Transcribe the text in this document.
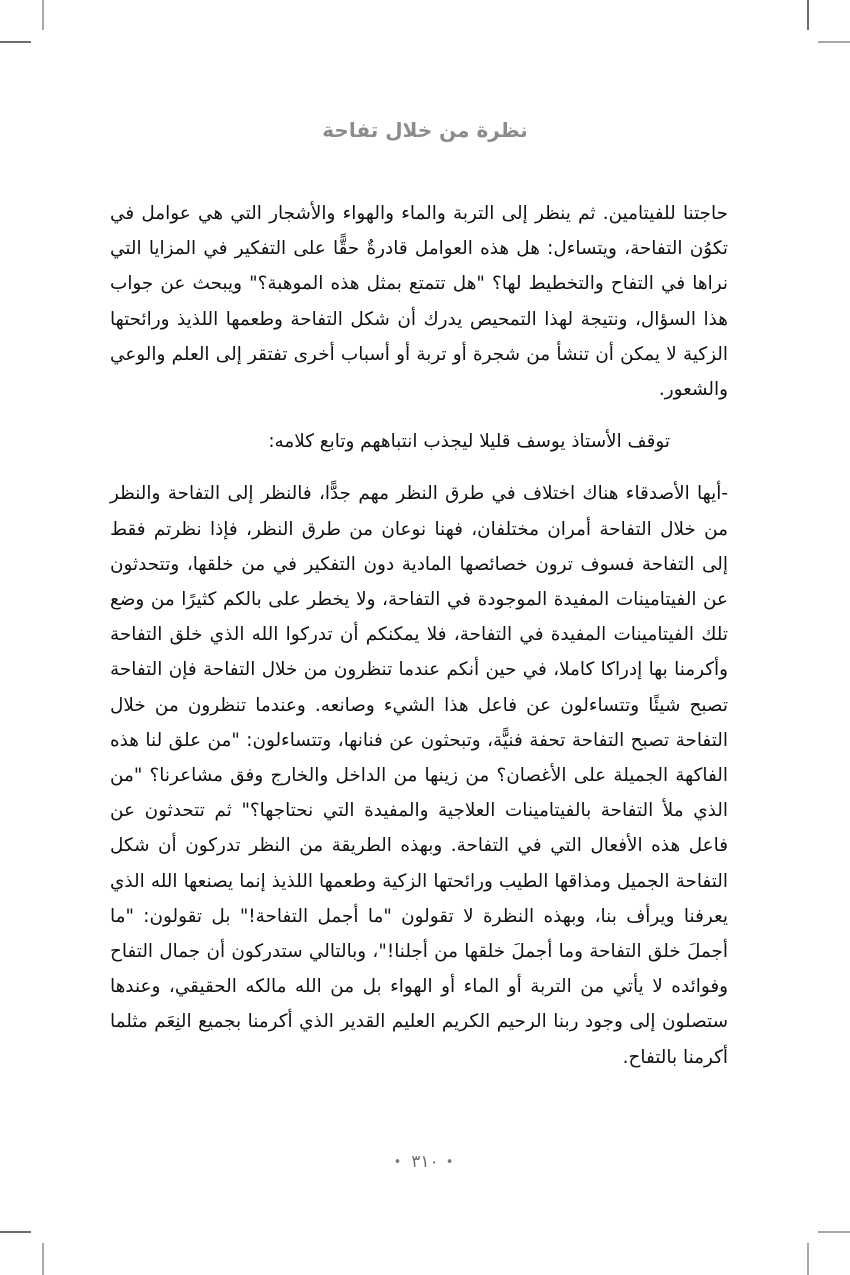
نظرة من خلال تفاحة

حاجتنا للفيتامين. ثم ينظر إلى التربة والماء والهواء والأشجار التي هي عوامل في تكوُن التفاحة، ويتساءل: هل هذه العوامل قادرةٌ حقًّا على التفكير في المزايا التي نراها في التفاح والتخطيط لها؟ "هل تتمتع بمثل هذه الموهبة؟" ويبحث عن جواب هذا السؤال، ونتيجة لهذا التمحيص يدرك أن شكل التفاحة وطعمها اللذيذ ورائحتها الزكية لا يمكن أن تنشأ من شجرة أو تربة أو أسباب أخرى تفتقر إلى العلم والوعي والشعور.

توقف الأستاذ يوسف قليلا ليجذب انتباههم وتابع كلامه:

-أيها الأصدقاء هناك اختلاف في طرق النظر مهم جدًّا، فالنظر إلى التفاحة والنظر من خلال التفاحة أمران مختلفان، فهنا نوعان من طرق النظر، فإذا نظرتم فقط إلى التفاحة فسوف ترون خصائصها المادية دون التفكير في من خلقها، وتتحدثون عن الفيتامينات المفيدة الموجودة في التفاحة، ولا يخطر على بالكم كثيرًا من وضع تلك الفيتامينات المفيدة في التفاحة، فلا يمكنكم أن تدركوا الله الذي خلق التفاحة وأكرمنا بها إدراكا كاملا، في حين أنكم عندما تنظرون من خلال التفاحة فإن التفاحة تصبح شيئًا وتتساءلون عن فاعل هذا الشيء وصانعه. وعندما تنظرون من خلال التفاحة تصبح التفاحة تحفة فنيًّة، وتبحثون عن فنانها، وتتساءلون: "من علق لنا هذه الفاكهة الجميلة على الأغصان؟ من زينها من الداخل والخارج وفق مشاعرنا؟ "من الذي ملأ التفاحة بالفيتامينات العلاجية والمفيدة التي نحتاجها؟" ثم تتحدثون عن فاعل هذه الأفعال التي في التفاحة. وبهذه الطريقة من النظر تدركون أن شكل التفاحة الجميل ومذاقها الطيب ورائحتها الزكية وطعمها اللذيذ إنما يصنعها الله الذي يعرفنا ويرأف بنا، وبهذه النظرة لا تقولون "ما أجمل التفاحة!" بل تقولون: "ما أجملَ خلق التفاحة وما أجملَ خلقها من أجلنا!"، وبالتالي ستدركون أن جمال التفاح وفوائده لا يأتي من التربة أو الماء أو الهواء بل من الله مالكه الحقيقي، وعندها ستصلون إلى وجود ربنا الرحيم الكريم العليم القدير الذي أكرمنا بجميع النِعَم مثلما أكرمنا بالتفاح.

•٣١٠•
